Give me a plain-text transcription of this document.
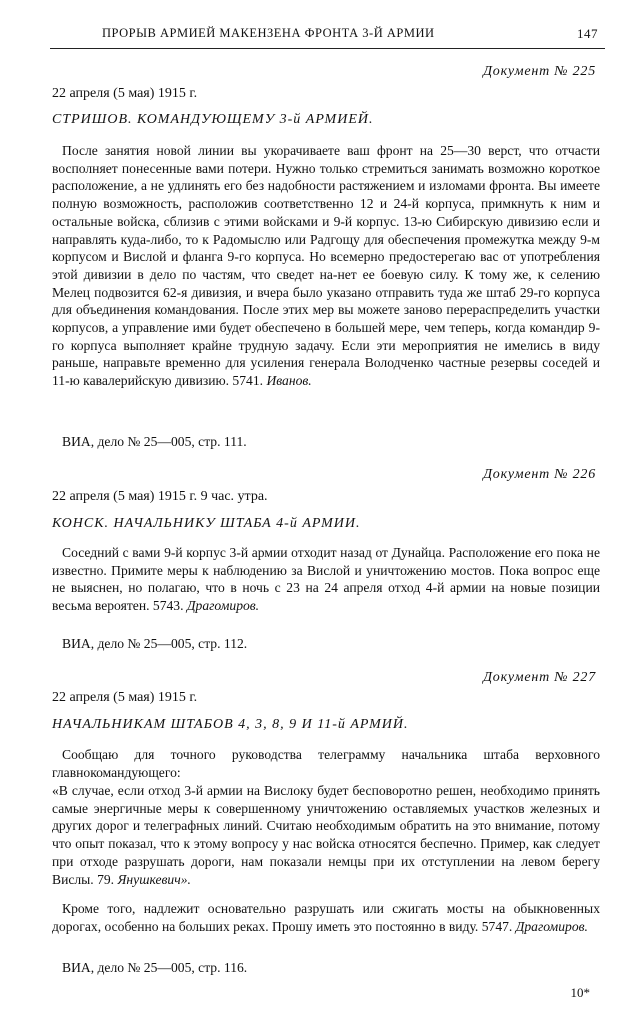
ПРОРЫВ АРМИЕЙ МАКЕНЗЕНА ФРОНТА 3-Й АРМИИ	147
Документ № 225
22 апреля (5 мая) 1915 г.
СТРИШОВ. КОМАНДУЮЩЕМУ 3-й АРМИЕЙ.

После занятия новой линии вы укорачиваете ваш фронт на 25—30 верст, что отчасти восполняет понесенные вами потери. Нужно только стремиться занимать возможно короткое расположение, а не удлинять его без надобности растяжением и изломами фронта. Вы имеете полную возможность, расположив соответственно 12 и 24-й корпуса, примкнуть к ним и остальные войска, сблизив с этими войсками и 9-й корпус. 13-ю Сибирскую дивизию если и направлять куда-либо, то к Радомыслю или Радгощу для обеспечения промежутка между 9-м корпусом и Вислой и фланга 9-го корпуса. Но всемерно предостерегаю вас от употребления этой дивизии в дело по частям, что сведет на-нет ее боевую силу. К тому же, к селению Мелец подвозится 62-я дивизия, и вчера было указано отправить туда же штаб 29-го корпуса для объединения командования. После этих мер вы можете заново перераспределить участки корпусов, а управление ими будет обеспечено в большей мере, чем теперь, когда командир 9-го корпуса выполняет крайне трудную задачу. Если эти мероприятия не имелись в виду раньше, направьте временно для усиления генерала Володченко частные резервы соседей и 11-ю кавалерийскую дивизию. 5741. Иванов.

ВИА, дело № 25—005, стр. 111.
Документ № 226
22 апреля (5 мая) 1915 г. 9 час. утра.
КОНСК. НАЧАЛЬНИКУ ШТАБА 4-й АРМИИ.

Соседний с вами 9-й корпус 3-й армии отходит назад от Дунайца. Расположение его пока не известно. Примите меры к наблюдению за Вислой и уничтожению мостов. Пока вопрос еще не выяснен, но полагаю, что в ночь с 23 на 24 апреля отход 4-й армии на новые позиции весьма вероятен. 5743. Драгомиров.

ВИА, дело № 25—005, стр. 112.
Документ № 227
22 апреля (5 мая) 1915 г.
НАЧАЛЬНИКАМ ШТАБОВ 4, 3, 8, 9 И 11-й АРМИЙ.

Сообщаю для точного руководства телеграмму начальника штаба верховного главнокомандующего:

«В случае, если отход 3-й армии на Вислоку будет бесповоротно решен, необходимо принять самые энергичные меры к совершенному уничтожению оставляемых участков железных и других дорог и телеграфных линий. Считаю необходимым обратить на это внимание, потому что опыт показал, что к этому вопросу у нас войска относятся беспечно. Пример, как следует при отходе разрушать дороги, нам показали немцы при их отступлении на левом берегу Вислы. 79. Янушкевич».

Кроме того, надлежит основательно разрушать или сжигать мосты на обыкновенных дорогах, особенно на больших реках. Прошу иметь это постоянно в виду. 5747. Драгомиров.

ВИА, дело № 25—005, стр. 116.
10*
